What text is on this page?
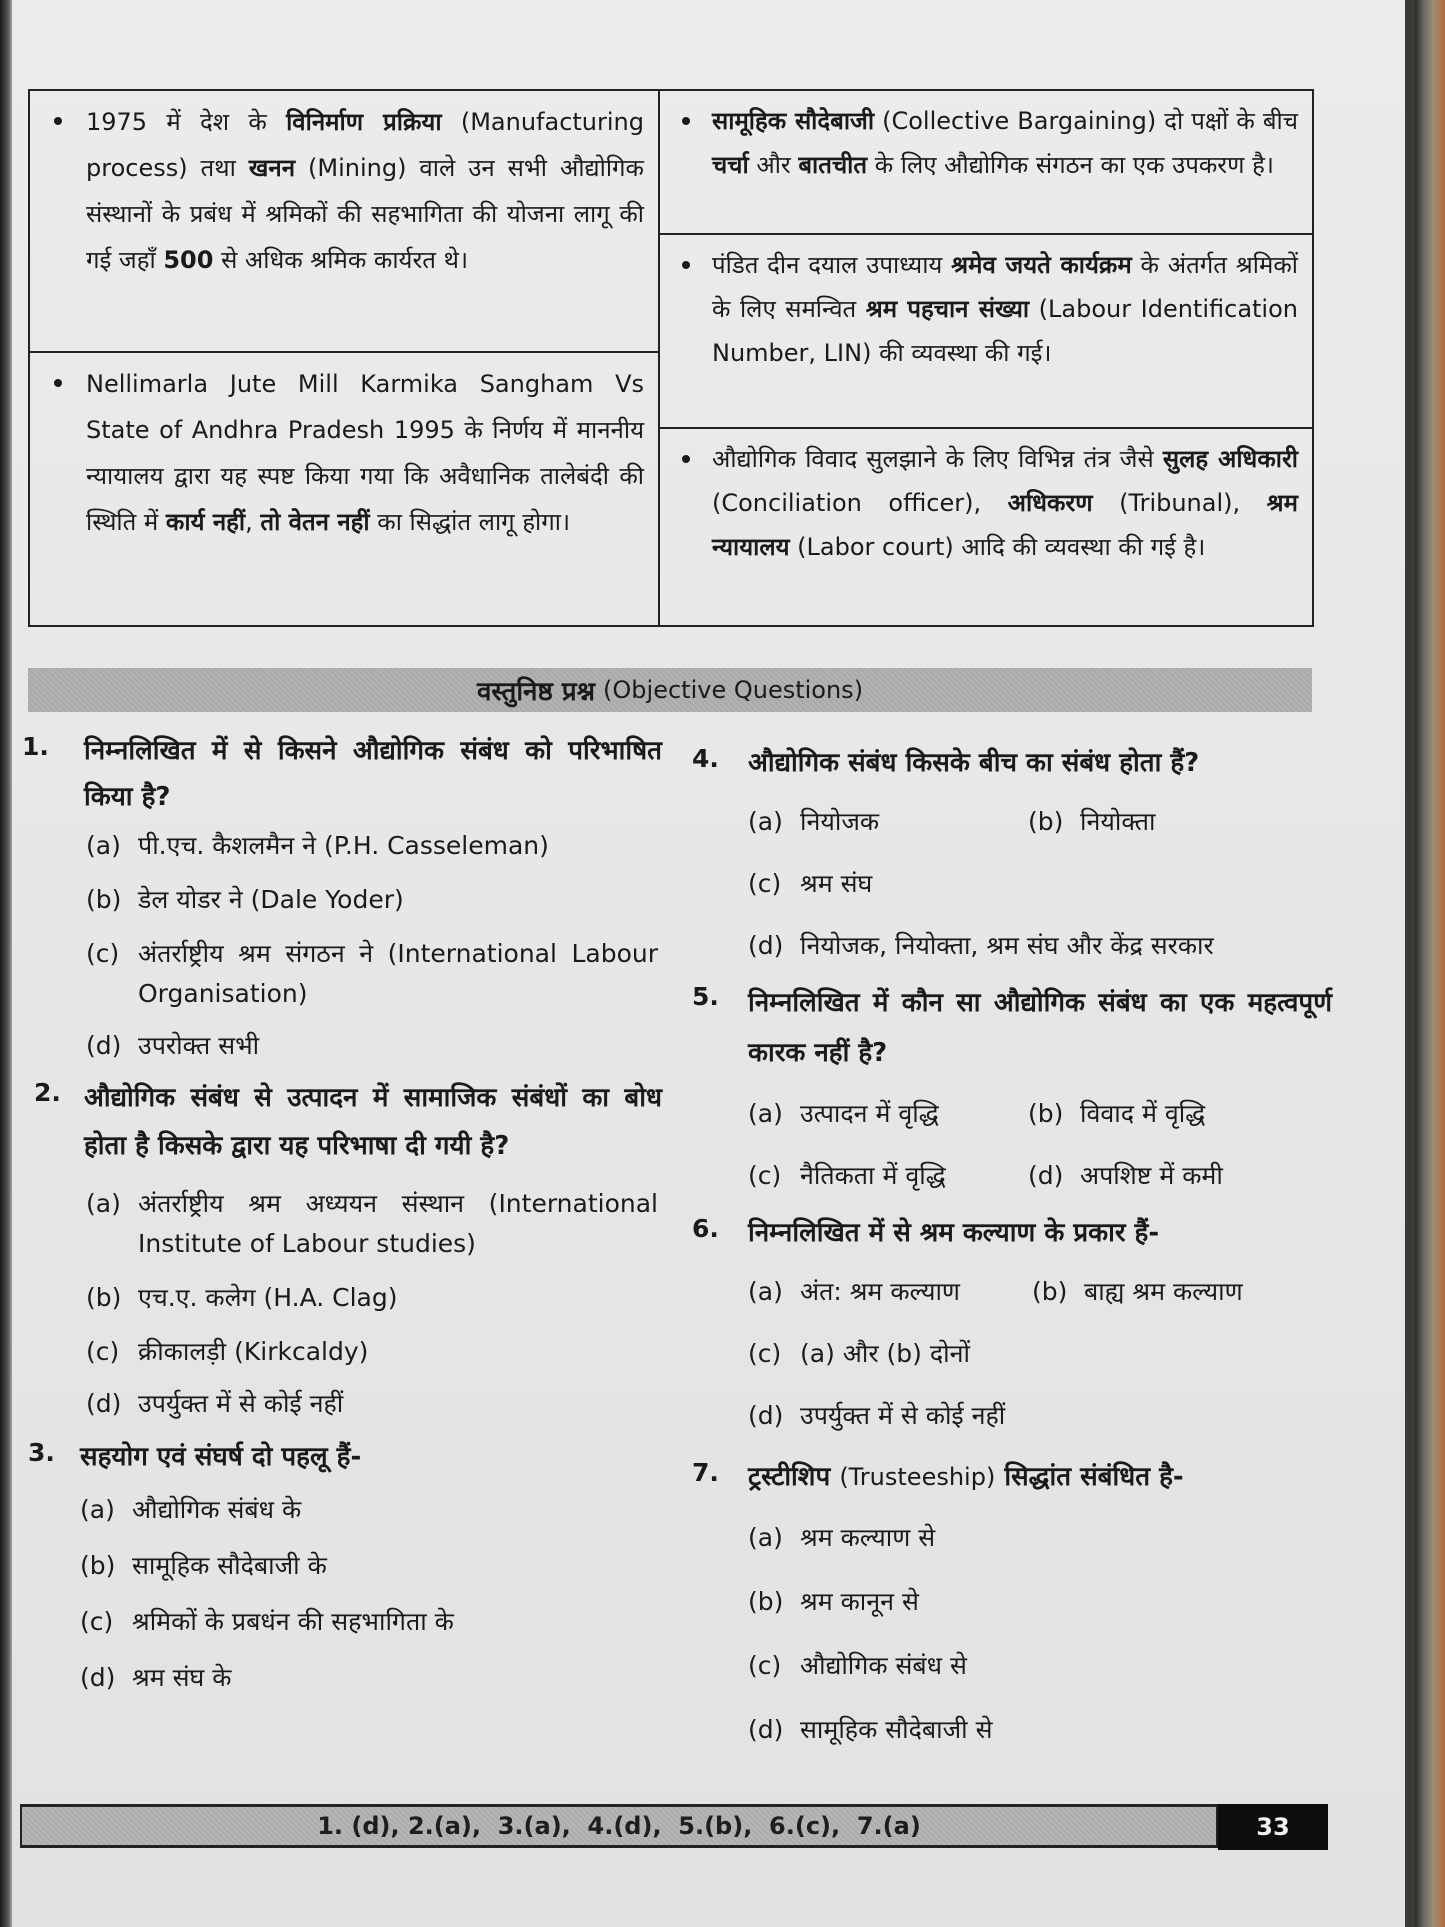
1975 में देश के विनिर्माण प्रक्रिया (Manufacturing process) तथा खनन (Mining) वाले उन सभी औद्योगिक संस्थानों के प्रबंध में श्रमिकों की सहभागिता की योजना लागू की गई जहाँ 500 से अधिक श्रमिक कार्यरत थे।
Nellimarla Jute Mill Karmika Sangham Vs State of Andhra Pradesh 1995 के निर्णय में माननीय न्यायालय द्वारा यह स्पष्ट किया गया कि अवैधानिक तालेबंदी की स्थिति में कार्य नहीं, तो वेतन नहीं का सिद्धांत लागू होगा।
सामूहिक सौदेबाजी (Collective Bargaining) दो पक्षों के बीच चर्चा और बातचीत के लिए औद्योगिक संगठन का एक उपकरण है।
पंडित दीन दयाल उपाध्याय श्रमेव जयते कार्यक्रम के अंतर्गत श्रमिकों के लिए समन्वित श्रम पहचान संख्या (Labour Identification Number, LIN) की व्यवस्था की गई।
औद्योगिक विवाद सुलझाने के लिए विभिन्न तंत्र जैसे सुलह अधिकारी (Conciliation officer), अधिकरण (Tribunal), श्रम न्यायालय (Labor court) आदि की व्यवस्था की गई है।
वस्तुनिष्ठ प्रश्न (Objective Questions)
1. निम्नलिखित में से किसने औद्योगिक संबंध को परिभाषित किया है?
(a) पी.एच. कैशलमैन ने (P.H. Casseleman)
(b) डेल योडर ने (Dale Yoder)
(c) अंतर्राष्ट्रीय श्रम संगठन ने (International Labour Organisation)
(d) उपरोक्त सभी
2. औद्योगिक संबंध से उत्पादन में सामाजिक संबंधों का बोध होता है किसके द्वारा यह परिभाषा दी गयी है?
(a) अंतर्राष्ट्रीय श्रम अध्ययन संस्थान (International Institute of Labour studies)
(b) एच.ए. कलेग (H.A. Clag)
(c) क्रीकालड़ी (Kirkcaldy)
(d) उपर्युक्त में से कोई नहीं
3. सहयोग एवं संघर्ष दो पहलू हैं-
(a) औद्योगिक संबंध के
(b) सामूहिक सौदेबाजी के
(c) श्रमिकों के प्रबधंन की सहभागिता के
(d) श्रम संघ के
4. औद्योगिक संबंध किसके बीच का संबंध होता हैं?
(a) नियोजक	(b) नियोक्ता
(c) श्रम संघ
(d) नियोजक, नियोक्ता, श्रम संघ और केंद्र सरकार
5. निम्नलिखित में कौन सा औद्योगिक संबंध का एक महत्वपूर्ण कारक नहीं है?
(a) उत्पादन में वृद्धि	(b) विवाद में वृद्धि
(c) नैतिकता में वृद्धि	(d) अपशिष्ट में कमी
6. निम्नलिखित में से श्रम कल्याण के प्रकार हैं-
(a) अंत: श्रम कल्याण	(b) बाह्य श्रम कल्याण
(c) (a) और (b) दोनों
(d) उपर्युक्त में से कोई नहीं
7. ट्रस्टीशिप (Trusteeship) सिद्धांत संबंधित है-
(a) श्रम कल्याण से
(b) श्रम कानून से
(c) औद्योगिक संबंध से
(d) सामूहिक सौदेबाजी से
1. (d), 2.(a),  3.(a),  4.(d),  5.(b),  6.(c),  7.(a)	33
